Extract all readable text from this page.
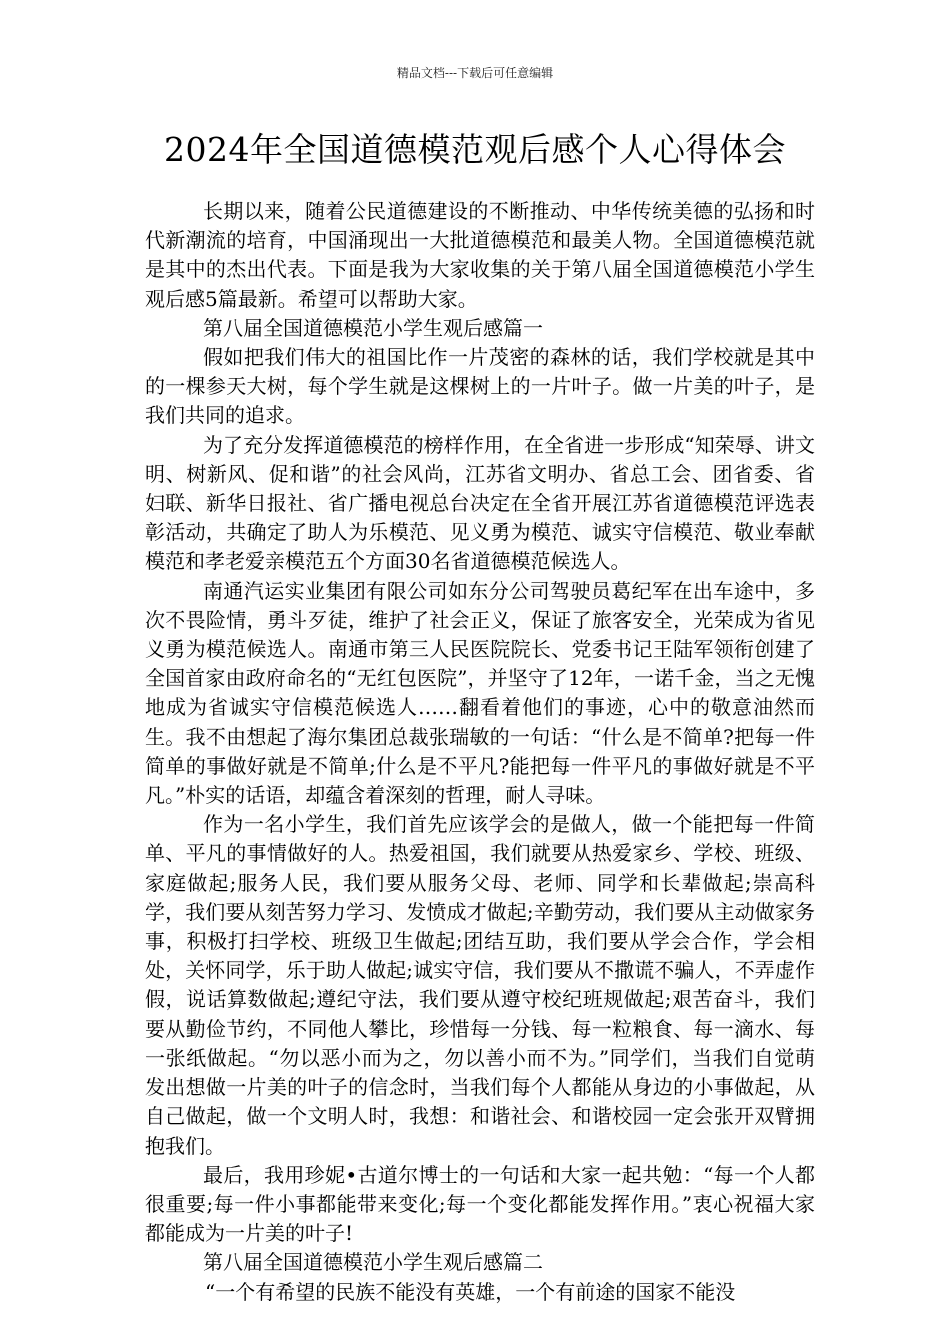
精品文档---下载后可任意编辑
2024年全国道德模范观后感个人心得体会

长期以来，随着公民道德建设的不断推动、中华传统美德的弘扬和时代新潮流的培育，中国涌现出一大批道德模范和最美人物。全国道德模范就是其中的杰出代表。下面是我为大家收集的关于第八届全国道德模范小学生观后感5篇最新。希望可以帮助大家。

第八届全国道德模范小学生观后感篇一

假如把我们伟大的祖国比作一片茂密的森林的话，我们学校就是其中的一棵参天大树，每个学生就是这棵树上的一片叶子。做一片美的叶子，是我们共同的追求。

为了充分发挥道德模范的榜样作用，在全省进一步形成“知荣辱、讲文明、树新风、促和谐”的社会风尚，江苏省文明办、省总工会、团省委、省妇联、新华日报社、省广播电视总台决定在全省开展江苏省道德模范评选表彰活动，共确定了助人为乐模范、见义勇为模范、诚实守信模范、敬业奉献模范和孝老爱亲模范五个方面30名省道德模范候选人。

南通汽运实业集团有限公司如东分公司驾驶员葛纪军在出车途中，多次不畏险情，勇斗歹徒，维护了社会正义，保证了旅客安全，光荣成为省见义勇为模范候选人。南通市第三人民医院院长、党委书记王陆军领衔创建了全国首家由政府命名的“无红包医院”，并坚守了12年，一诺千金，当之无愧地成为省诚实守信模范候选人……翻看着他们的事迹，心中的敬意油然而生。我不由想起了海尔集团总裁张瑞敏的一句话：“什么是不简单?把每一件简单的事做好就是不简单;什么是不平凡?能把每一件平凡的事做好就是不平凡。”朴实的话语，却蕴含着深刻的哲理，耐人寻味。

作为一名小学生，我们首先应该学会的是做人，做一个能把每一件简单、平凡的事情做好的人。热爱祖国，我们就要从热爱家乡、学校、班级、家庭做起;服务人民，我们要从服务父母、老师、同学和长辈做起;崇高科学，我们要从刻苦努力学习、发愤成才做起;辛勤劳动，我们要从主动做家务事，积极打扫学校、班级卫生做起;团结互助，我们要从学会合作，学会相处，关怀同学，乐于助人做起;诚实守信，我们要从不撒谎不骗人，不弄虚作假，说话算数做起;遵纪守法，我们要从遵守校纪班规做起;艰苦奋斗，我们要从勤俭节约，不同他人攀比，珍惜每一分钱、每一粒粮食、每一滴水、每一张纸做起。“勿以恶小而为之，勿以善小而不为。”同学们，当我们自觉萌发出想做一片美的叶子的信念时，当我们每个人都能从身边的小事做起，从自己做起，做一个文明人时，我想：和谐社会、和谐校园一定会张开双臂拥抱我们。

最后，我用珍妮•古道尔博士的一句话和大家一起共勉：“每一个人都很重要;每一件小事都能带来变化;每一个变化都能发挥作用。”衷心祝福大家都能成为一片美的叶子!

第八届全国道德模范小学生观后感篇二

“一个有希望的民族不能没有英雄，一个有前途的国家不能没
